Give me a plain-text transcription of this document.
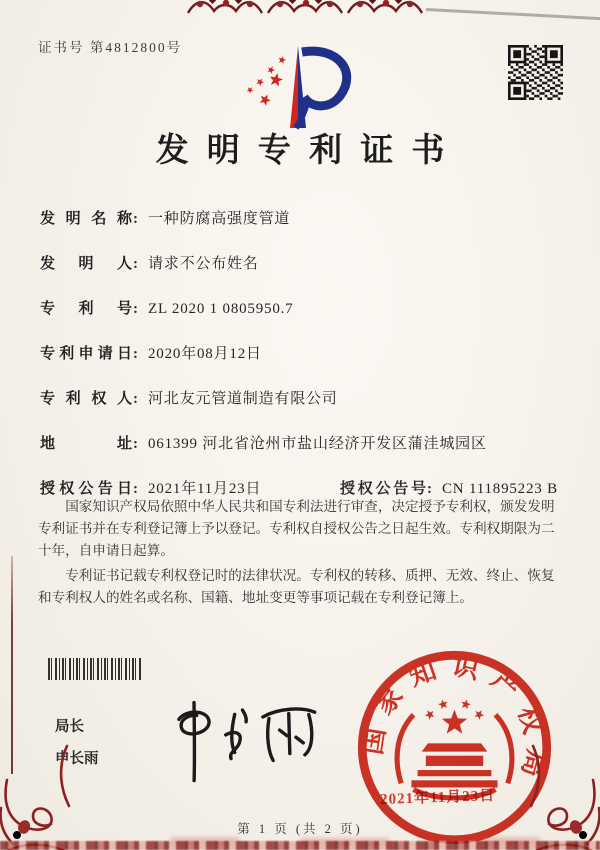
证书号 第4812800号
发明专利证书
发明名称: 一种防腐高强度管道
发明人: 请求不公布姓名
专利号: ZL 2020 1 0805950.7
专利申请日: 2020年08月12日
专利权人: 河北友元管道制造有限公司
地址: 061399 河北省沧州市盐山经济开发区蒲洼城园区
授权公告日: 2021年11月23日	授权公告号: CN 111895223 B

国家知识产权局依照中华人民共和国专利法进行审查，决定授予专利权，颁发发明专利证书并在专利登记簿上予以登记。专利权自授权公告之日起生效。专利权期限为二十年，自申请日起算。

专利证书记载专利权登记时的法律状况。专利权的转移、质押、无效、终止、恢复和专利权人的姓名或名称、国籍、地址变更等事项记载在专利登记簿上。

局长
申长雨
国家知识产权局
2021年11月23日
第 1 页 (共 2 页)
